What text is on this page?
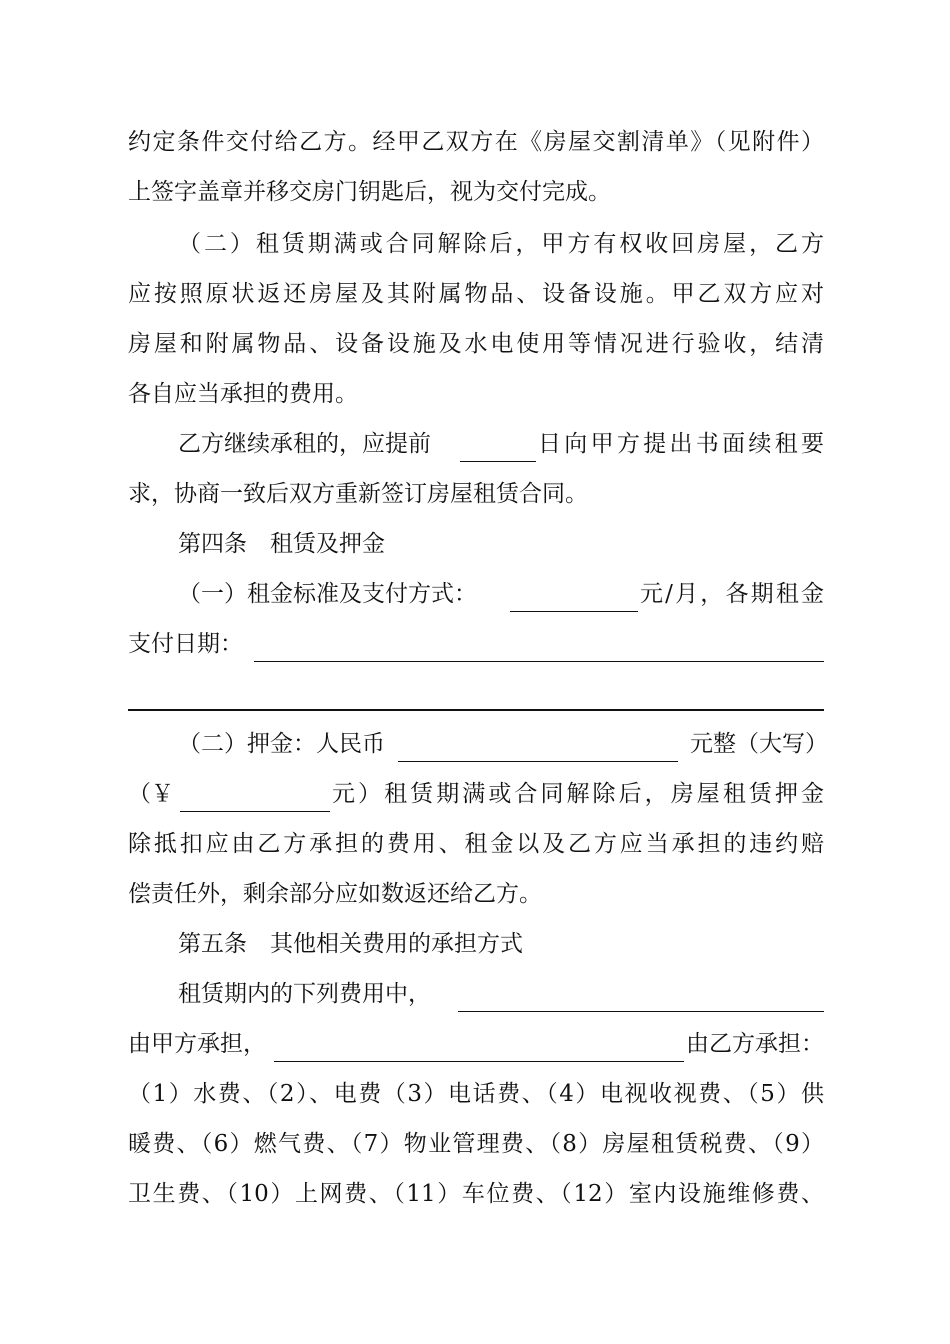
约定条件交付给乙方。经甲乙双方在《房屋交割清单》（见附件）
上签字盖章并移交房门钥匙后，视为交付完成。
（二）租赁期满或合同解除后，甲方有权收回房屋，乙方
应按照原状返还房屋及其附属物品、设备设施。甲乙双方应对
房屋和附属物品、设备设施及水电使用等情况进行验收，结清
各自应当承担的费用。
乙方继续承租的，应提前	日向甲方提出书面续租要
求，协商一致后双方重新签订房屋租赁合同。
第四条　租赁及押金
（一）租金标准及支付方式：	元/月，各期租金
支付日期：
（二）押金：人民币	元整（大写）
（￥	元）租赁期满或合同解除后，房屋租赁押金
除抵扣应由乙方承担的费用、租金以及乙方应当承担的违约赔
偿责任外，剩余部分应如数返还给乙方。
第五条　其他相关费用的承担方式
租赁期内的下列费用中，
由甲方承担，	由乙方承担：
（1）水费、（2）、电费（3）电话费、（4）电视收视费、（5）供
暖费、（6）燃气费、（7）物业管理费、（8）房屋租赁税费、（9）
卫生费、（10）上网费、（11）车位费、（12）室内设施维修费、
